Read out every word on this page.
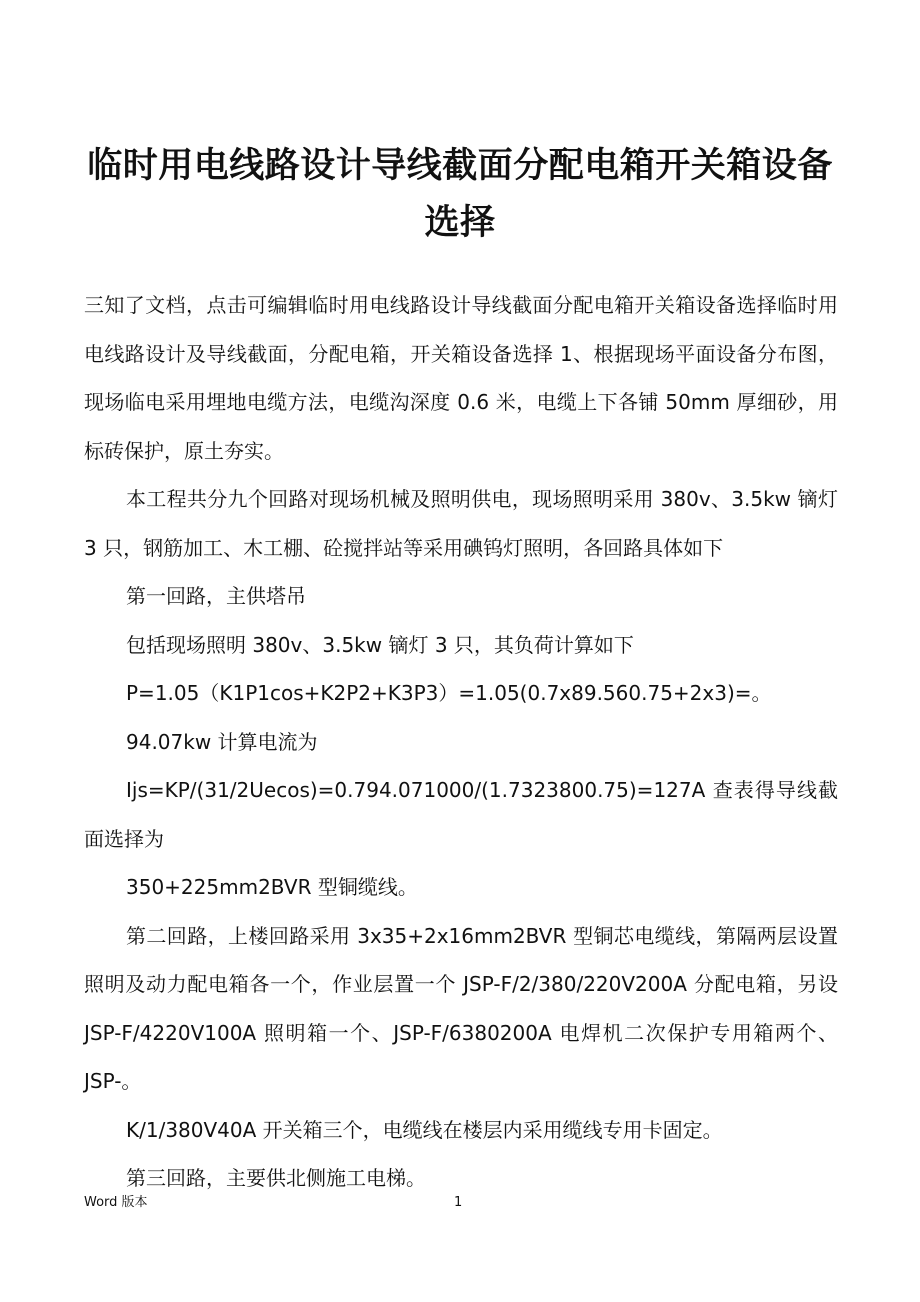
临时用电线路设计导线截面分配电箱开关箱设备选择

三知了文档，点击可编辑临时用电线路设计导线截面分配电箱开关箱设备选择临时用电线路设计及导线截面，分配电箱，开关箱设备选择 1、根据现场平面设备分布图，现场临电采用埋地电缆方法，电缆沟深度 0.6 米，电缆上下各铺 50mm 厚细砂，用标砖保护，原土夯实。

本工程共分九个回路对现场机械及照明供电，现场照明采用 380v、3.5kw 镝灯 3 只，钢筋加工、木工棚、砼搅拌站等采用碘钨灯照明，各回路具体如下

第一回路，主供塔吊

包括现场照明 380v、3.5kw 镝灯 3 只，其负荷计算如下

P=1.05（K1P1cos+K2P2+K3P3）=1.05(0.7x89.560.75+2x3)=。

94.07kw 计算电流为

Ijs=KP/(31/2Uecos)=0.794.071000/(1.7323800.75)=127A 查表得导线截面选择为

350+225mm2BVR 型铜缆线。

第二回路，上楼回路采用 3x35+2x16mm2BVR 型铜芯电缆线，第隔两层设置照明及动力配电箱各一个，作业层置一个 JSP-F/2/380/220V200A 分配电箱，另设 JSP-F/4220V100A 照明箱一个、JSP-F/6380200A 电焊机二次保护专用箱两个、JSP-。

K/1/380V40A 开关箱三个，电缆线在楼层内采用缆线专用卡固定。

第三回路，主要供北侧施工电梯。

Word 版本	1
